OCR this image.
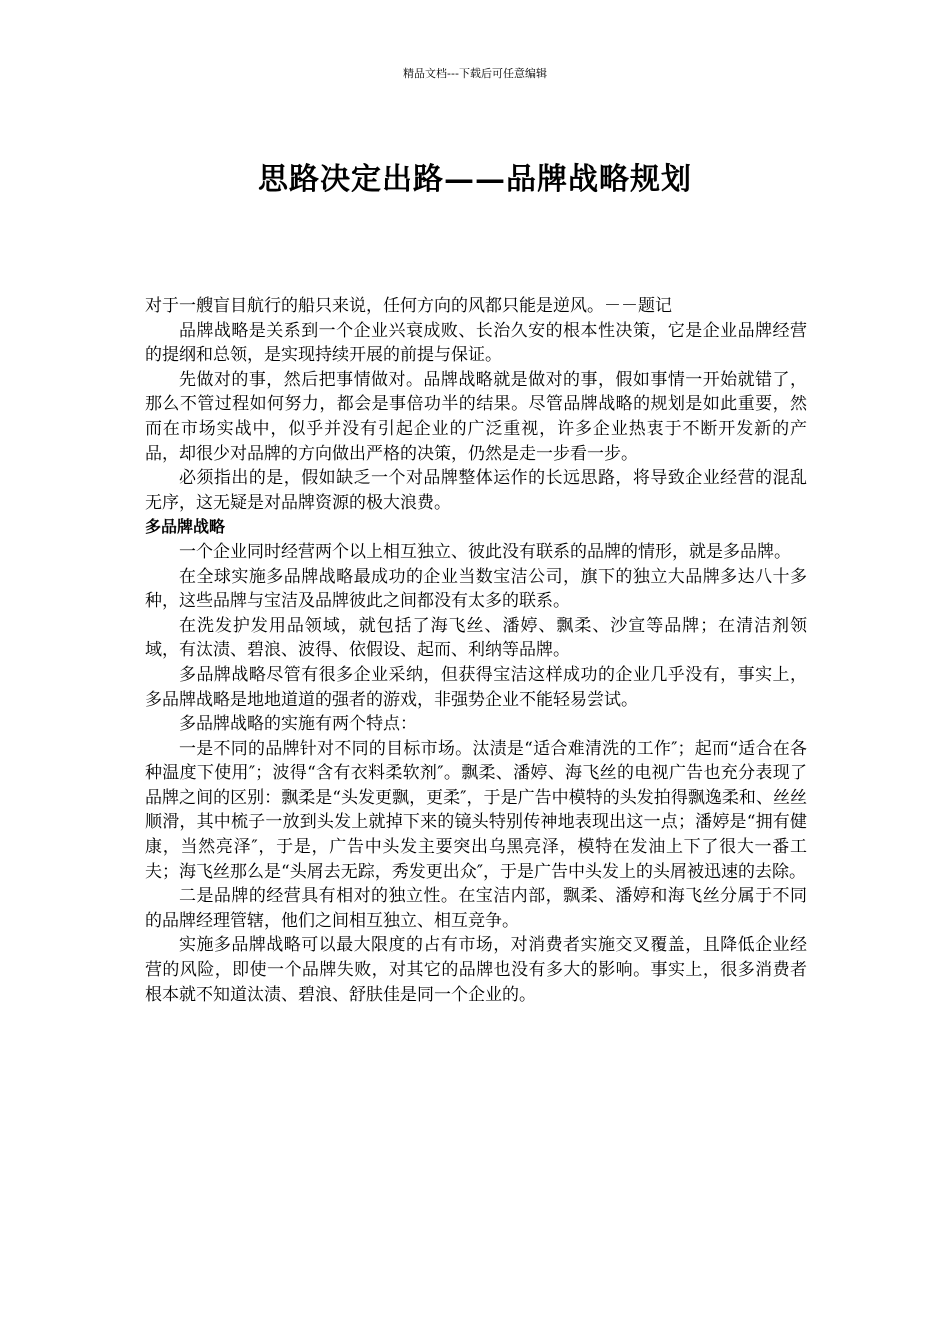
精品文档---下载后可任意编辑
思路决定出路——品牌战略规划

对于一艘盲目航行的船只来说，任何方向的风都只能是逆风。－－题记

品牌战略是关系到一个企业兴衰成败、长治久安的根本性决策，它是企业品牌经营的提纲和总领，是实现持续开展的前提与保证。

先做对的事，然后把事情做对。品牌战略就是做对的事，假如事情一开始就错了，那么不管过程如何努力，都会是事倍功半的结果。尽管品牌战略的规划是如此重要，然而在市场实战中，似乎并没有引起企业的广泛重视，许多企业热衷于不断开发新的产品，却很少对品牌的方向做出严格的决策，仍然是走一步看一步。

必须指出的是，假如缺乏一个对品牌整体运作的长远思路，将导致企业经营的混乱无序，这无疑是对品牌资源的极大浪费。

多品牌战略

一个企业同时经营两个以上相互独立、彼此没有联系的品牌的情形，就是多品牌。

在全球实施多品牌战略最成功的企业当数宝洁公司，旗下的独立大品牌多达八十多种，这些品牌与宝洁及品牌彼此之间都没有太多的联系。

在洗发护发用品领域，就包括了海飞丝、潘婷、飘柔、沙宣等品牌；在清洁剂领域，有汰渍、碧浪、波得、依假设、起而、利纳等品牌。

多品牌战略尽管有很多企业采纳，但获得宝洁这样成功的企业几乎没有，事实上，多品牌战略是地地道道的强者的游戏，非强势企业不能轻易尝试。

多品牌战略的实施有两个特点：

一是不同的品牌针对不同的目标市场。汰渍是“适合难清洗的工作″；起而“适合在各种温度下使用″；波得“含有衣料柔软剂″。飘柔、潘婷、海飞丝的电视广告也充分表现了品牌之间的区别：飘柔是“头发更飘，更柔″，于是广告中模特的头发拍得飘逸柔和、丝丝顺滑，其中梳子一放到头发上就掉下来的镜头特别传神地表现出这一点；潘婷是“拥有健康，当然亮泽″，于是，广告中头发主要突出乌黑亮泽，模特在发油上下了很大一番工夫；海飞丝那么是“头屑去无踪，秀发更出众″，于是广告中头发上的头屑被迅速的去除。

二是品牌的经营具有相对的独立性。在宝洁内部，飘柔、潘婷和海飞丝分属于不同的品牌经理管辖，他们之间相互独立、相互竞争。

实施多品牌战略可以最大限度的占有市场，对消费者实施交叉覆盖，且降低企业经营的风险，即使一个品牌失败，对其它的品牌也没有多大的影响。事实上，很多消费者根本就不知道汰渍、碧浪、舒肤佳是同一个企业的。
